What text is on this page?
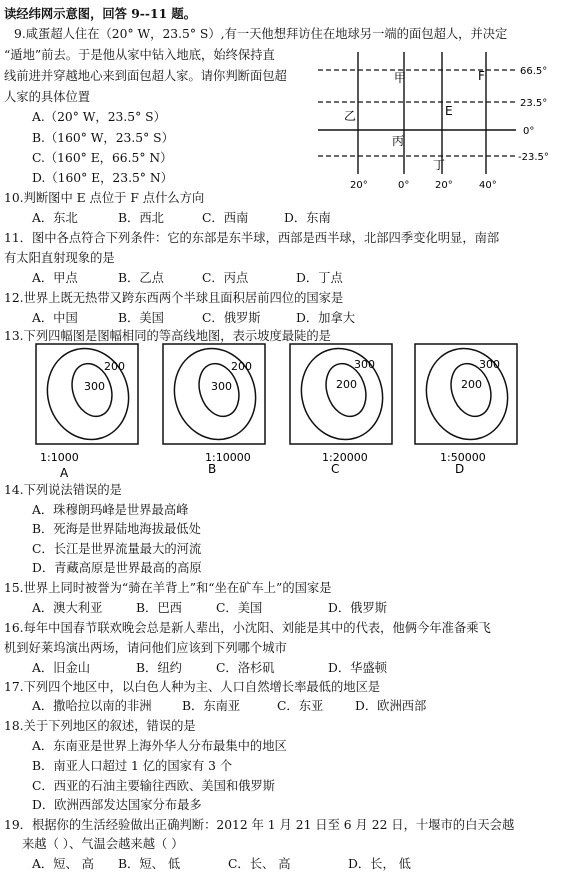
读经纬网示意图，回答 9--11 题。
9.咸蛋超人住在（20° W，23.5° S）,有一天他想拜访住在地球另一端的面包超人，并决定
“遁地”前去。于是他从家中钻入地底，始终保持直
线前进并穿越地心来到面包超人家。请你判断面包超
人家的具体位置
A.（20° W，23.5° S）
B.（160° W，23.5° S）
C.（160° E，66.5° N）
D.（160° E，23.5° N）
66.5°
23.5°
0°
-23.5°
20°	0°	20°	40°
甲
乙	E
F
丙
丁
10.判断图中 E 点位于 F 点什么方向
A．东北	B．西北	C．西南	D．东南
11．图中各点符合下列条件：它的东部是东半球，西部是西半球，北部四季变化明显，南部
有太阳直射现象的是
A．甲点	B．乙点	C．丙点	D．丁点
12.世界上既无热带又跨东西两个半球且面积居前四位的国家是
A．中国	B．美国	C．俄罗斯	D．加拿大
13.下列四幅图是图幅相同的等高线地图，表示坡度最陡的是
200
300
200
300
300
200
300
200
1:1000	1:10000	1:20000	1:50000
A	B	C	D
14.下列说法错误的是
A．珠穆朗玛峰是世界最高峰
B．死海是世界陆地海拔最低处
C．长江是世界流量最大的河流
D．青藏高原是世界最高的高原
15.世界上同时被誉为“骑在羊背上”和“坐在矿车上”的国家是
A．澳大利亚	B．巴西	C．美国	D．俄罗斯
16.每年中国春节联欢晚会总是新人辈出，小沈阳、刘能是其中的代表，他俩今年准备乘飞
机到好莱坞演出两场，请问他们应该到下列哪个城市
A．旧金山	B．纽约	C．洛杉矶	D．华盛顿
17.下列四个地区中，以白色人种为主、人口自然增长率最低的地区是
A．撒哈拉以南的非洲 B．东南亚	C．东亚	D．欧洲西部
18.关于下列地区的叙述，错误的是
A．东南亚是世界上海外华人分布最集中的地区
B．南亚人口超过 1 亿的国家有 3 个
C．西亚的石油主要输往西欧、美国和俄罗斯
D．欧洲西部发达国家分布最多
19．根据你的生活经验做出正确判断：2012 年 1 月 21 日至 6 月 22 日，十堰市的白天会越
来越（ ）、气温会越来越（ ）
A．短、 高 B．短、 低	C．长、 高	D．长， 低
